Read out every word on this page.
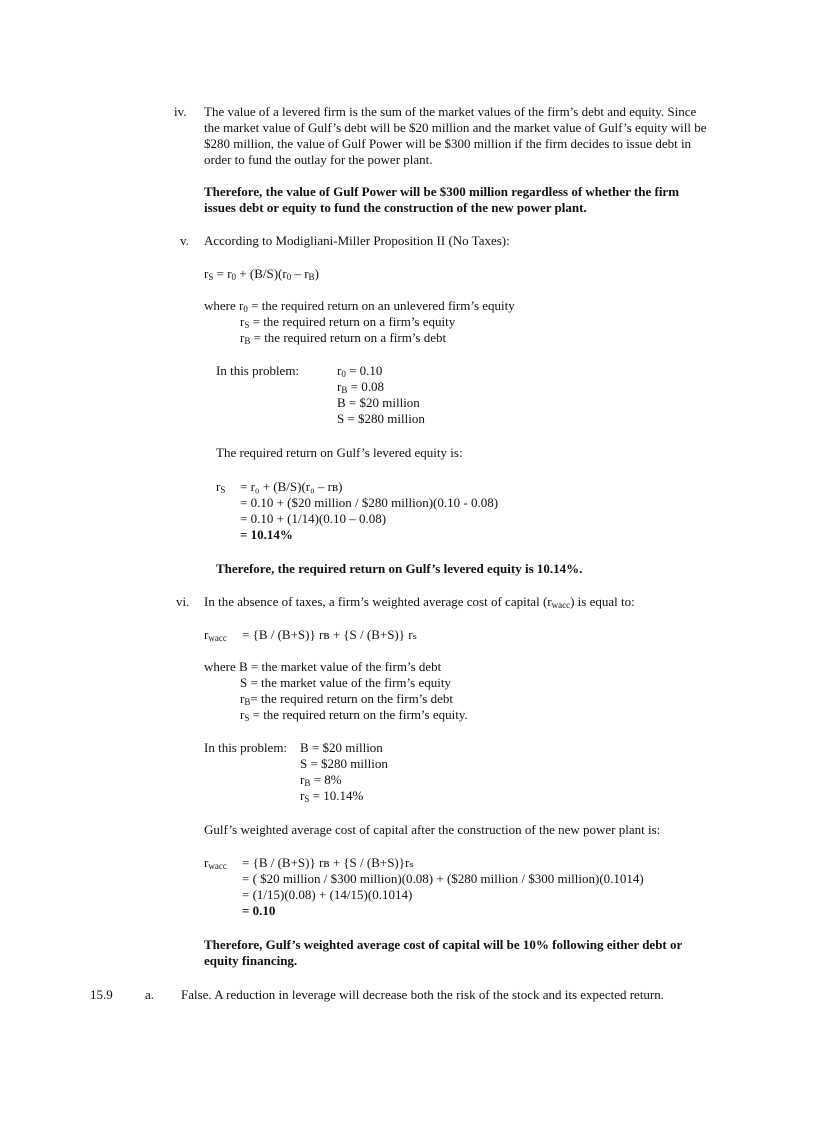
iv. The value of a levered firm is the sum of the market values of the firm’s debt and equity. Since
the market value of Gulf’s debt will be $20 million and the market value of Gulf’s equity will be
$280 million, the value of Gulf Power will be $300 million if the firm decides to issue debt in
order to fund the outlay for the power plant.
Therefore, the value of Gulf Power will be $300 million regardless of whether the firm
issues debt or equity to fund the construction of the new power plant.
v. According to Modigliani-Miller Proposition II (No Taxes):
$r_S = r_0 + (B/S)(r_0 - r_B)$
where $r_0$ = the required return on an unlevered firm’s equity
$r_S$ = the required return on a firm’s equity
$r_B$ = the required return on a firm’s debt
In this problem:	$r_0 = 0.10$
$r_B = 0.08$
B = $20 million
S = $280 million
The required return on Gulf’s levered equity is:
$r_S = r_0 + (B/S)(r_0$ – rʙ)
= 0.10 + ($20 million / $280 million)(0.10 - 0.08)
= 0.10 + (1/14)(0.10 – 0.08)
= 10.14%
Therefore, the required return on Gulf’s levered equity is 10.14%.
vi. In the absence of taxes, a firm’s weighted average cost of capital $(r_{wacc})$ is equal to:
$r_{wacc} = \{B / (B+S)\}$ rʙ + {S / (B+S)} rₛ
where B = the market value of the firm’s debt
S = the market value of the firm’s equity
$r_B=$ the required return on the firm’s debt
$r_S$ = the required return on the firm’s equity.
In this problem: B = $20 million
S = $280 million
$r_B = 8\%$
$r_S = 10.14\%$
Gulf’s weighted average cost of capital after the construction of the new power plant is:
$r_{wacc} = \{B / (B+S)\}$ rʙ + {S / (B+S)}rₛ
= ( $20 million / $300 million)(0.08) + ($280 million / $300 million)(0.1014)
= (1/15)(0.08) + (14/15)(0.1014)
= 0.10
Therefore, Gulf’s weighted average cost of capital will be 10% following either debt or
equity financing.
15.9 a. False. A reduction in leverage will decrease both the risk of the stock and its expected return.
